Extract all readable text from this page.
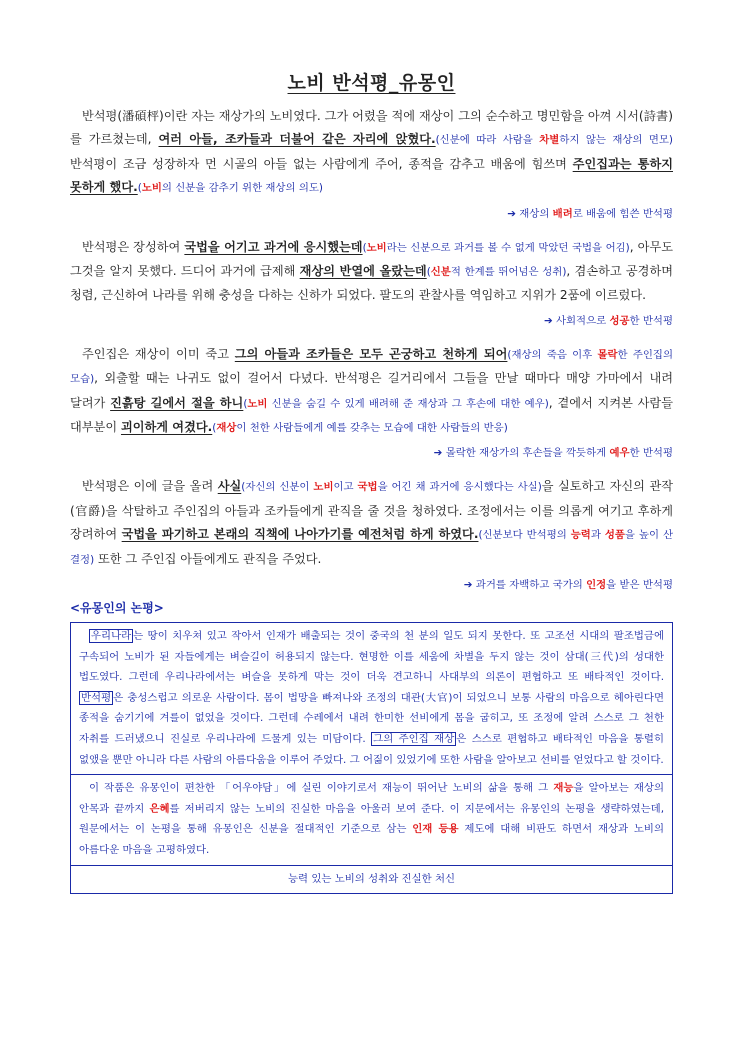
노비 반석평_유몽인

반석평(潘碩枰)이란 자는 재상가의 노비였다. 그가 어렸을 적에 재상이 그의 순수하고 명민함을 아껴 시서(詩書)를 가르쳤는데, 여러 아들, 조카들과 더불어 같은 자리에 앉혔다.(신분에 따라 사람을 차별하지 않는 재상의 면모) 반석평이 조금 성장하자 먼 시골의 아들 없는 사람에게 주어, 종적을 감추고 배움에 힘쓰며 주인집과는 통하지 못하게 했다.(노비의 신분을 감추기 위한 재상의 의도)

➔ 재상의 배려로 배움에 힘쓴 반석평

반석평은 장성하여 국법을 어기고 과거에 응시했는데(노비라는 신분으로 과거를 볼 수 없게 막았던 국법을 어김), 아무도 그것을 알지 못했다. 드디어 과거에 급제해 재상의 반열에 올랐는데(신분적 한계를 뛰어넘은 성취), 겸손하고 공경하며 청렴, 근신하여 나라를 위해 충성을 다하는 신하가 되었다. 팔도의 관찰사를 역임하고 지위가 2품에 이르렀다.

➔ 사회적으로 성공한 반석평

주인집은 재상이 이미 죽고 그의 아들과 조카들은 모두 곤궁하고 천하게 되어(재상의 죽음 이후 몰락한 주인집의 모습), 외출할 때는 나귀도 없이 걸어서 다녔다. 반석평은 길거리에서 그들을 만날 때마다 매양 가마에서 내려 달려가 진흙탕 길에서 절을 하니(노비 신분을 숨길 수 있게 배려해 준 재상과 그 후손에 대한 예우), 곁에서 지켜본 사람들 대부분이 괴이하게 여겼다.(재상이 천한 사람들에게 예를 갖추는 모습에 대한 사람들의 반응)

➔ 몰락한 재상가의 후손들을 깍듯하게 예우한 반석평

반석평은 이에 글을 올려 사실(자신의 신분이 노비이고 국법을 어긴 채 과거에 응시했다는 사실)을 실토하고 자신의 관작(官爵)을 삭탈하고 주인집의 아들과 조카들에게 관직을 줄 것을 청하였다. 조정에서는 이를 의롭게 여기고 후하게 장려하여 국법을 파기하고 본래의 직책에 나아가기를 예전처럼 하게 하였다.(신분보다 반석평의 능력과 성품을 높이 산 결정) 또한 그 주인집 아들에게도 관직을 주었다.

➔ 과거를 자백하고 국가의 인정을 받은 반석평
<유몽인의 논평>
우리나라 는 땅이 치우쳐 있고 작아서 인재가 배출되는 것이 중국의 천 분의 일도 되지 못한다. 또 고조선 시대의 팔조법금에 구속되어 노비가 된 자들에게는 벼슬길이 허용되지 않는다. 현명한 이를 세움에 차별을 두지 않는 것이 삼대(三代)의 성대한 법도였다. 그런데 우리나라에서는 벼슬을 못하게 막는 것이 더욱 견고하니 사대부의 의론이 편협하고 또 배타적인 것이다. 반석평 은 충성스럽고 의로운 사람이다. 몸이 법망을 빠져나와 조정의 대관(大官)이 되었으니 보통 사람의 마음으로 헤아린다면 종적을 숨기기에 겨를이 없었을 것이다. 그런데 수레에서 내려 한미한 선비에게 몸을 굽히고, 또 조정에 알려 스스로 그 천한 자취를 드러냈으니 진실로 우리나라에 드물게 있는 미담이다. 그의 주인집 재상 은 스스로 편협하고 배타적인 마음을 통렬히 없앴을 뿐만 아니라 다른 사람의 아름다움을 이루어 주었다. 그 어짊이 있었기에 또한 사람을 알아보고 선비를 얻었다고 할 것이다.
이 작품은 유몽인이 편찬한 「어우야담」에 실린 이야기로서 재능이 뛰어난 노비의 삶을 통해 그 재능을 알아보는 재상의 안목과 끝까지 은혜를 저버리지 않는 노비의 진실한 마음을 아울러 보여 준다. 이 지문에서는 유몽인의 논평을 생략하였는데, 원문에서는 이 논평을 통해 유몽인은 신분을 절대적인 기준으로 삼는 인재 등용 제도에 대해 비판도 하면서 재상과 노비의 아름다운 마음을 고평하였다.
능력 있는 노비의 성취와 진실한 처신
